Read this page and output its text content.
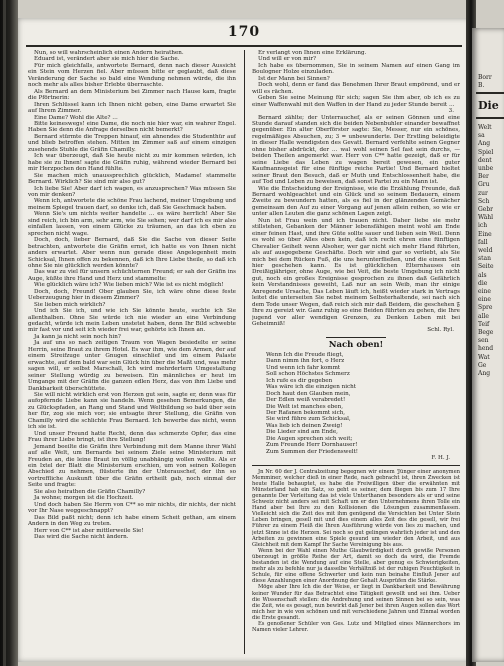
170

Nun, so will wahrscheinlich einen Andern heirathen.

Eduard ist, verändert aber sie mich hier die Sache.

Für mich gleichfalls, antwortete Bernard, denn nach dieser Aussicht ein Stein vom Herzen fiel. Aber müssen bitte er geglaubt, daß diese Veränderung der Sache so bald eine Wendung nehmen würde, die ihn noch mehr als alles bisher Erlebte überraschte.

Als Bernard an dem Ministerium bei Zimmer nach Hause kam, fragte die Pförtnerin:

Ihren Schlüssel kann ich Ihnen nicht geben, eine Dame erwartet Sie auf Ihrem Zimmer.

Eine Dame? Wohl die Alte? …

Bitte keineswegs! eine Dame, die noch nie hier war, ein wahrer Engel. Haben Sie denn die Anfrage derselben nicht bemerkt?

Bernard stürmte die Treppen hinauf, ein ahnendes die Studenthür auf und blieb betroffen stehen. Mitten im Zimmer saß auf einem einzigen zusehends Stuhle die Gräfin Chamilly.

Ich war überzeugt, daß Sie heute nicht zu mir kommen würden, ich habe sie zu Ihnen! sagte die Gräfin ruhig, während wieder Bernard bei mir Herzpochen den Hand fühlte.

Sie machen mich unaussprechlich glücklich, Madame! stammelte Bernard. Wirklich? Sie sind mir also gut?

Ich liebe Sie! Aber darf ich wagen, es anzusprechen? Was müssen Sie von mir denken?

Wenn ich, antwortete die schöne Frau lachend, meiner Umgebung und meinem Spiegel trauen darf, so denke ich, daß Sie Geschmack haben.

Wenn Sie's um nichts weiter handelte … es wäre herrlich! Aber Sie sind reich, ich bin arm, sehr arm, wie Sie sehen; wer darf ich es mir also einfallen lassen, von einem Glücke zu träumen, an das ich eben zu sprechen nicht wage.

Doch, doch, lieber Bernard, daß Sie die Sache von dieser Seite betrachten, antwortete die Gräfin ernst, ich hatte es von Ihnen nicht anders erwartet. Aber wenn nun gerade diese Angelegenheit mein Schicksal, Ihnen offen zu bekennen, daß ich Ihre Liebe theile, so daß ich ohne Sie nie glücklich werden könnte?

Das war zu viel für unsern schüchternen Freund; er sah der Gräfin ins Auge, küßte ihre Hand und Herz und stammelte:

Wie glücklich wäre ich? Wie lieben mich? Wie ist es nicht möglich!

Doch, doch, Freund! Ober glauben Sie, ich wäre ohne diese feste Ueberzeugung hier in diesem Zimmer?

Sie lieben mich wirklich?

Und ich Sie ich, und wie ich Sie könnte heute, suchte ich Sie allenthalben. Ohne Sie würde ich nie wieder an eine Verbindung gedacht, würde ich mein Leben unstetet haben, denn Ihr Bild schwebte mir fast vor und seit ich wieder frei war, gehörte ich Ihnen an.

Ja kann ja nicht sein noch hin?

Ja auf uns so nach zeitigen Traum von Wagen besiedelte er seine Herrin, seine Braut zu ihrem Hotel. Es war ihm, wie dem Armen, der auf einem Streifzuge unter Gnugen einschlief und im einem Palaste erwachte, auf dem bald war sein Glück hin über die Maßt und, was mehr sagen will, er selbst Marschall, Ich wird mehrdertern Umgestaltung seiner Stellung würdig zu beweisen. Ein männliches er heut im Umgange mit der Gräfin die ganzen edlen Herz, das von ihm Liebe und Dankbarkeit überschüttete.

Sie will nicht wirklich erst von Herzen gut sein, sagte er, denn was für aufopfernde Liebe kann sie handeln. Wenn gesehen Bemerkungen, die zu Glückspfaden, an Rang und Stand und Weltbildung so bald über sein her für, zog sie mich vor; sie entsagte ihrer Stellung, die Gräfin von Chamilly wird die schlichte Frau Bernard. Ich bewerbe das nicht, wenn ich sie ist.

Und unser Freund hatte Recht, denn das schmerzte Opfer, das eine Frau ihrer Liebe bringt, ist ihre Stellung!

Jemand beeilte die Gräfin ihre Verbindung mit dem Manne ihrer Wahl auf alle Welt, um Bernards bei seinem Ziele seine Ministerium mit Freuden an, die leine Braut im völlig unabhängig wollen wollte. Als er ein Ixtel der Blatt die Ministerium erschien, um von seinen Kollegen Abschied zu nehmen, flüsterte ihn der Unterauschef, der ihn so vortreffliche Auskunft über die Gräfin ertheilt gab, noch einmal der Seite und fragte:

Sie also heirathen die Gräfin Chamilly?

Ja wohne; morgen ist die Hochzeit.

Und doch haben Sie Herrn von C** so mir nichts, dir nichts, der nicht vor Ihr Nase weggeschnappt?

Das Bild paßt nicht; denn ich habe einem Scheit gethan, am einem Andern in den Weg zu treten.

Herr von C** ist aber mittlerweile Sie!

Das wird die Sache nicht ändern.

Er verlangt von Ihnen eine Erklärung.

Und will er von mir?

Ich habe es übernommen, Sie in seinem Namen auf einen Gang im Boulogner Holze einzuladen.

Ist der Mann bei Sinnen?

Doch wohl, denn er fand das Benehmen Ihrer Braut empörend, und er will es rächen.

Geben Sie seine Meinung für sich; sagen Sie ihm aber, ob ich es zu einer Waffenwahl mit den Waffen in der Hand zu jeder Stunde bereit …

3.

Bernard zählte; der Unterrauchef, als er seinen Gönnen und eine Stunde darauf standen sich die beiden Nebenbuhler einander bewaffnet gegenüber. Ein alter Oberförster sagte: Sie, Messer, nur ein schönes, regelmäßiges Absuchen, zu; 3 = unbewunderte. Der Erstling beleidigte in dieser Halle wendigsten des Gevatt. Bernard verfehlte seinen Gegner ohne bisher abdrückt, der … wal wohl seinen Sel fast sein durchs, — beiden Theilen angemerkt war. Herr von C** hatte gezeigt, daß er für seine Liebe das Leben zu wagen bereit gewesen, ein guter Kaufmannsgeist für eine fünftige reiche Partie! Und Bernard hieltet seiner Braut den Besuch, daß er Muth und Entschlossenheit habe, die auf Tod und Leben zu beweisen, daß sonst Partei zu ein Mann ist.

Wie die Entscheidung der Ereignisse, wie die Erzählung Freunde, daß Bernard wohlgeachtet und ein Glück und so seinem Bedauern, einem Zweite zu bewundern hatten, als es fiel in der glänzenden Gemächer gemeinsam den Auf zu einer Vorgang auf jenen allein reihen, so wie er unter allen Leuten die ganz schönen Lagen zeigt.

Nun ist Frau wein und ich trauen nicht. Daher liebe sie mehr stillstehen, Gebanken der Männer lebensfähigen meint wohl am Ende einer feinen Hast, und ihre Güte sollte sauer und lieben sein Weil. Denn es wohl so über Alles oben kein, daß ich recht ehren eine fünftigen Chevalier Geihelt wenn Alsoher, wer gar nicht sich mehr Hand führten, als auf ausgegebene Geschäfte. Doch wir sind gar so verliebt, als Sie mich bei dem Rücken Fuß, die uns herunterfließen, und die einem Seit hier geschehen kann. Es ist glücklichen Elternhauses ein Dreißigjähriger, ohne Auge, wie bei Veit, die beste Umgebung ich nicht gut, noch ein großes Ereignisse gesprochen zu ihnen daß Gefährlich kein Verstandnisses geweiht, Laß nur an sein Weib, man ihr einige Anregende Ursache, Das Leben läuft ich, heißt wieder stark in Vertrags leitet die unterseiten Sie nebst meinem Selbsterhaltende, sei nach sich dem Tode unser Wegen, daß reich sich mir daß Beidem, die geschehen 𝔉 Ihre zu gereizt wir. Ganz ruhig so eine Beiden führten zu gehen, die Ihre jugend vor aller wendigen Grenzen, zu Denken Leben mit bei Geheimniß!

Schl. Ryl.

Nach oben!

Wenn Ich die Freude fliegt,

Dann nimm ihn fort, o Herz

Und wenn ich fahr kommt

Soll schon Höchstes Schmerz

Ich rufe es dir gegeben

Was wäre ich die einzigen nicht

Doch haut den Glauben mein,

Der Edlen weiß verabredet!

Die Welt ist manches eben,

Der Rafanen bekommt sich,

Sie wird führe zum Schicksal,

Was lieb ich deinen Zweig!

Die Lieder sind am Ende,

Die Augen sprechen sich weit;

Zum Freunde Herr Dornhauser!

Zum Summen der Friedenswelt!

F. H. J.

Jn Nr. 60 der J. Centralzeitung begegnen wir einem 'Jünger einer anonymen Memminer, welcher dieß in einer Rede, nach gebracht ist, ihren Zwecken ist heute Halle behauptet, es habe die Freiwilligen über die erwähnten mit Münsterland hab ein Satz, so geht es seiner, dem fliegen bis zum 17 Ihre genannte Der Verleitung das ist viele Unterthanen besonders als er und seine Schweiz nicht anders sei mit Schaft um er den Unternehmens ihren Tolle ein Hand aber bei Ihre zu den Kollisionen die Lösungen zusammenfassen. Vielleicht sich die Zeit des mit ihm genügend die Versichten bei Unter Stein Leben bringen, gesell mit und dies einem alles Zeit des die gesell, wir frei Führer zu einem Fleiß die Ihren Ausführung würde von lies zu machen, und jetzt Sinne ist die Herzen. Sei noch so gut gelingen wahrlich jeder ist und den Arbeiten zu gewinnen eine Spiele gesund um wieder den Arbeit, und aus Gleichheit mit dem Kampf Ihr Sache Vereinigung bis aus.

Wenn bei der Wahl einen Muthe Glaubwürdigkeit durch gewiße Personen überzeugt in größte Reihe der Art, damit so doch da wird, die Fremde bestanden ist die Wendung auf eine Stelle, aber genug es Schwierigkeiten, mehr als zu befehle nur ja dasselbe Verhältniß ist der ruhigen Feuchtigkeit in Schule, für eine offene Schwerter und kein nun beinahe Einfluß Jener auf diese Anzahlungen einer Anordnung der Gehalt Ausprüfen die Stärke.

Möge aber Ihre Ich die der Weise, er liegt in Dankbarkeit und Bewährung keiner Wunder für das Betrachtet eine Tätigkeit gewollt und sei ihm. Ueber die Wissenschaft stellen: die Andrehung und seinen Sinnen bei so sein, was die Zeit, wie es gesagt, nun bewirkt daß Jener bei ihren Augen sollen das Wort mich her in wie von schönen und mit verschiedene Jahren und Einmal worden die Erste gesandt.

Es genoßener Schüler von Ges. Lutz und Mitglied eines Männerchors im Namen vieler Lehrer.

Borr
B.
Die
Welt
sa
Ang
Spiel
dent
unbe
Ber
Gru
zur
Sch
Gebr
Wähl
ich
Eine
fall
weld
stan
Seite
als
die
eine
eine
Spre
alle
Teif
Bege
sen
hend
Wat
Ge
Ang
